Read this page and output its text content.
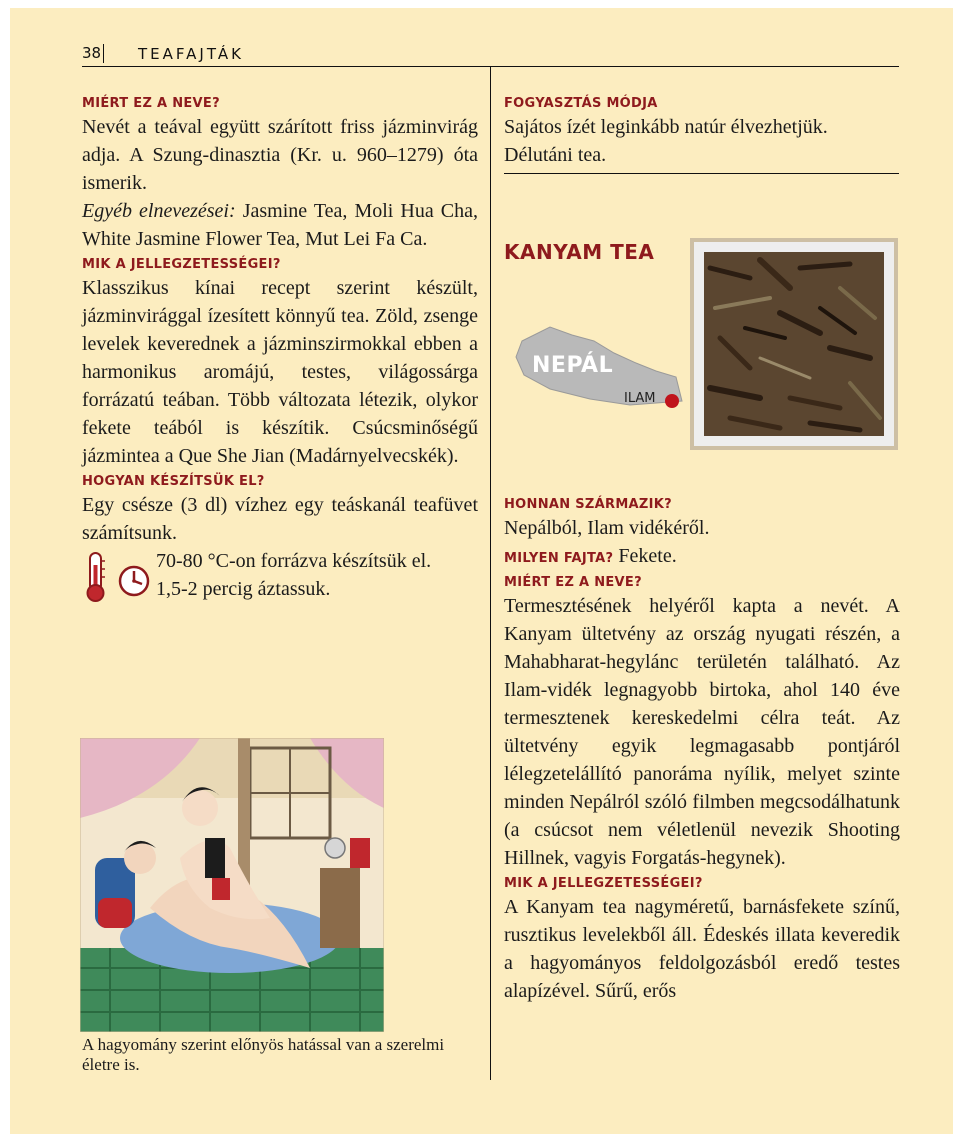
38 TEAFAJTÁK

MIÉRT EZ A NEVE?

Nevét a teával együtt szárított friss jázminvirág adja. A Szung-dinasztia (Kr. u. 960–1279) óta ismerik.
Egyéb elnevezései: Jasmine Tea, Moli Hua Cha, White Jasmine Flower Tea, Mut Lei Fa Ca.

MIK A JELLEGZETESSÉGEI?

Klasszikus kínai recept szerint készült, jázminvirággal ízesített könnyű tea. Zöld, zsenge levelek keverednek a jázminszirmokkal ebben a harmonikus aromájú, testes, világossárga forrázatú teában. Több változata létezik, olykor fekete teából is készítik. Csúcsminőségű jázmintea a Que She Jian (Madárnyelvecskék).

HOGYAN KÉSZÍTSÜK EL?

Egy csésze (3 dl) vízhez egy teáskanál teafüvet számítsunk.

70-80 °C-on forrázva készítsük el.
1,5-2 percig áztassuk.
A hagyomány szerint előnyös hatással van a szerelmi életre is.

FOGYASZTÁS MÓDJA

Sajátos ízét leginkább natúr élvezhetjük. Délutáni tea.

KANYAM TEA
NEPÁL
ILAM

HONNAN SZÁRMAZIK?

Nepálból, Ilam vidékéről.

MILYEN FAJTA? Fekete.

MIÉRT EZ A NEVE?

Termesztésének helyéről kapta a nevét. A Kanyam ültetvény az ország nyugati részén, a Mahabharat-hegylánc területén található. Az Ilam-vidék legnagyobb birtoka, ahol 140 éve termesztenek kereskedelmi célra teát. Az ültetvény egyik legmagasabb pontjáról lélegzetelállító panoráma nyílik, melyet szinte minden Nepálról szóló filmben megcsodálhatunk (a csúcsot nem véletlenül nevezik Shooting Hillnek, vagyis Forgatás-hegynek).

MIK A JELLEGZETESSÉGEI?

A Kanyam tea nagyméretű, barnásfekete színű, rusztikus levelekből áll. Édeskés illata keveredik a hagyományos feldolgozásból eredő testes alapízével. Sűrű, erős
